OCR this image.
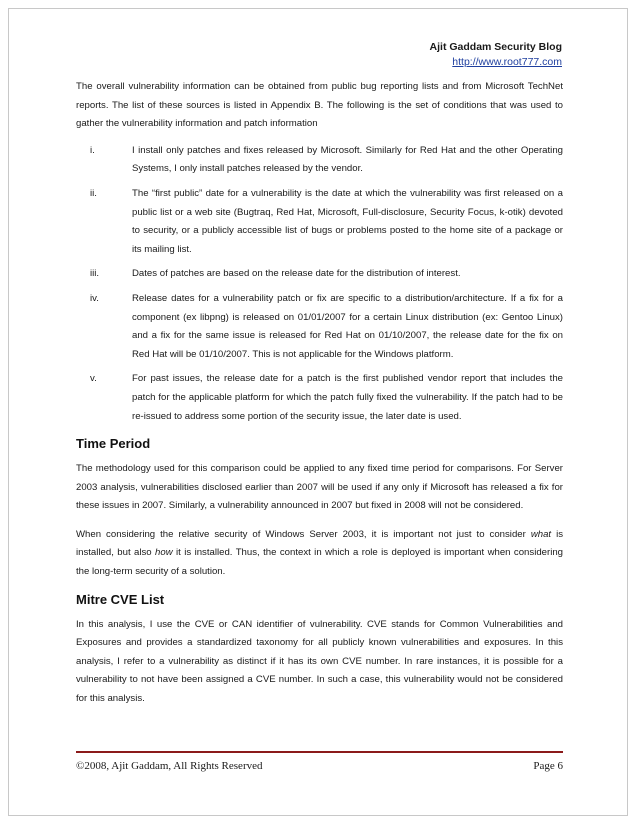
Ajit Gaddam Security Blog
http://www.root777.com

The overall vulnerability information can be obtained from public bug reporting lists and from Microsoft TechNet reports. The list of these sources is listed in Appendix B. The following is the set of conditions that was used to gather the vulnerability information and patch information

i.	I install only patches and fixes released by Microsoft. Similarly for Red Hat and the other Operating Systems, I only install patches released by the vendor.
ii.	The “first public” date for a vulnerability is the date at which the vulnerability was first released on a public list or a web site (Bugtraq, Red Hat, Microsoft, Full-disclosure, Security Focus, k-otik) devoted to security, or a publicly accessible list of bugs or problems posted to the home site of a package or its mailing list.
iii.	Dates of patches are based on the release date for the distribution of interest.
iv.	Release dates for a vulnerability patch or fix are specific to a distribution/architecture. If a fix for a component (ex libpng) is released on 01/01/2007 for a certain Linux distribution (ex: Gentoo Linux) and a fix for the same issue is released for Red Hat on 01/10/2007, the release date for the fix on Red Hat will be 01/10/2007. This is not applicable for the Windows platform.
v.	For past issues, the release date for a patch is the first published vendor report that includes the patch for the applicable platform for which the patch fully fixed the vulnerability. If the patch had to be re-issued to address some portion of the security issue, the later date is used.
Time Period

The methodology used for this comparison could be applied to any fixed time period for comparisons. For Server 2003 analysis, vulnerabilities disclosed earlier than 2007 will be used if any only if Microsoft has released a fix for these issues in 2007. Similarly, a vulnerability announced in 2007 but fixed in 2008 will not be considered.

When considering the relative security of Windows Server 2003, it is important not just to consider what is installed, but also how it is installed. Thus, the context in which a role is deployed is important when considering the long-term security of a solution.

Mitre CVE List

In this analysis, I use the CVE or CAN identifier of vulnerability. CVE stands for Common Vulnerabilities and Exposures and provides a standardized taxonomy for all publicly known vulnerabilities and exposures. In this analysis, I refer to a vulnerability as distinct if it has its own CVE number. In rare instances, it is possible for a vulnerability to not have been assigned a CVE number. In such a case, this vulnerability would not be considered for this analysis.

©2008, Ajit Gaddam, All Rights Reserved	Page 6
